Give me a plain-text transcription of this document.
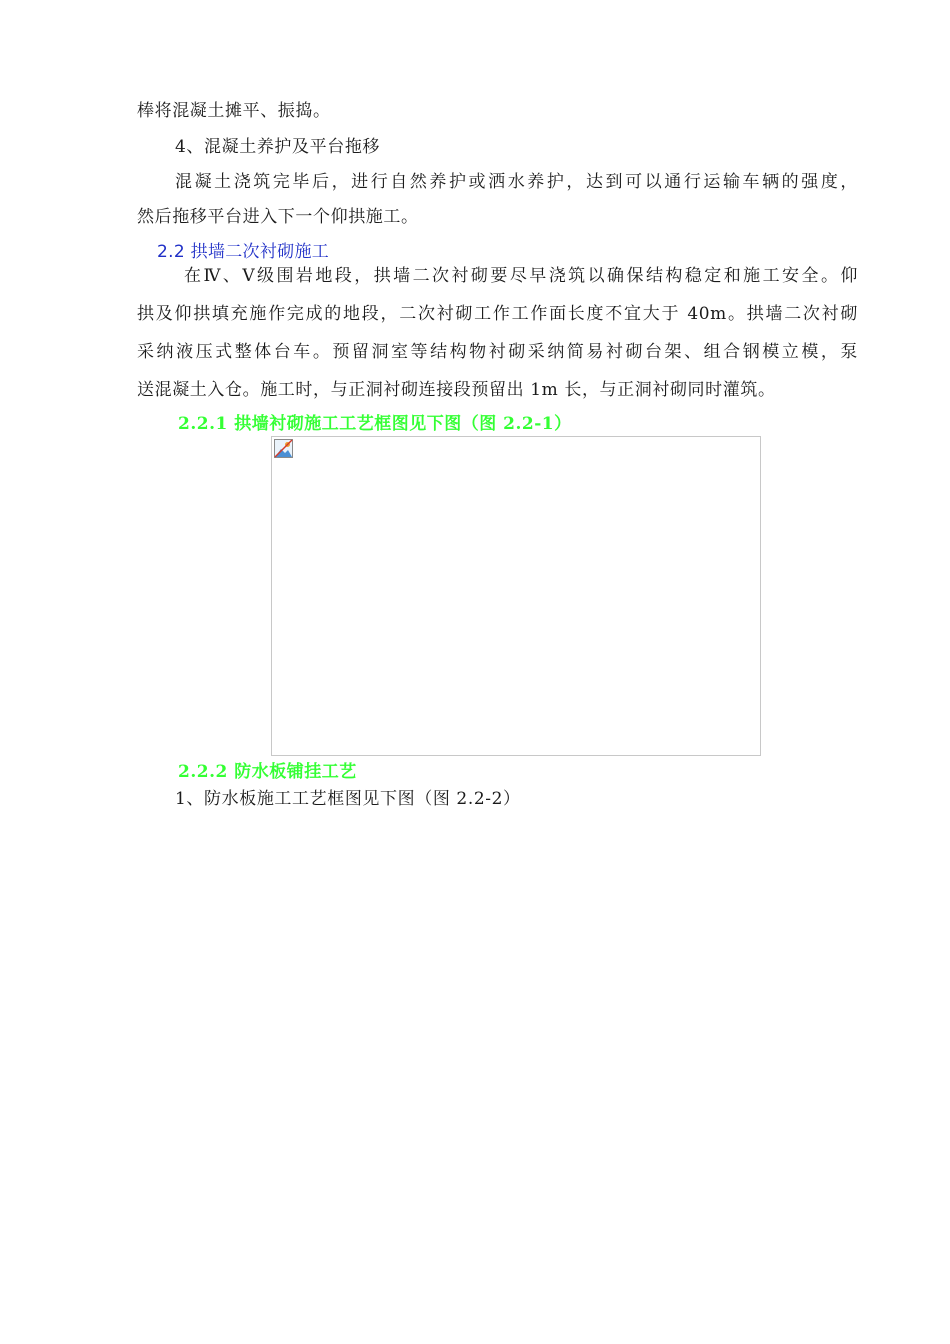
棒将混凝土摊平、振捣。
4、混凝土养护及平台拖移
混凝土浇筑完毕后，进行自然养护或洒水养护，达到可以通行运输车辆的强度，
然后拖移平台进入下一个仰拱施工。
2.2 拱墙二次衬砌施工
在Ⅳ、Ⅴ级围岩地段，拱墙二次衬砌要尽早浇筑以确保结构稳定和施工安全。仰
拱及仰拱填充施作完成的地段，二次衬砌工作工作面长度不宜大于 40m。拱墙二次衬砌
采纳液压式整体台车。预留洞室等结构物衬砌采纳简易衬砌台架、组合钢模立模，泵
送混凝土入仓。施工时，与正洞衬砌连接段预留出 1m 长，与正洞衬砌同时灌筑。
2.2.1 拱墙衬砌施工工艺框图见下图（图 2.2-1）
2.2.2 防水板铺挂工艺
1、防水板施工工艺框图见下图（图 2.2-2）
